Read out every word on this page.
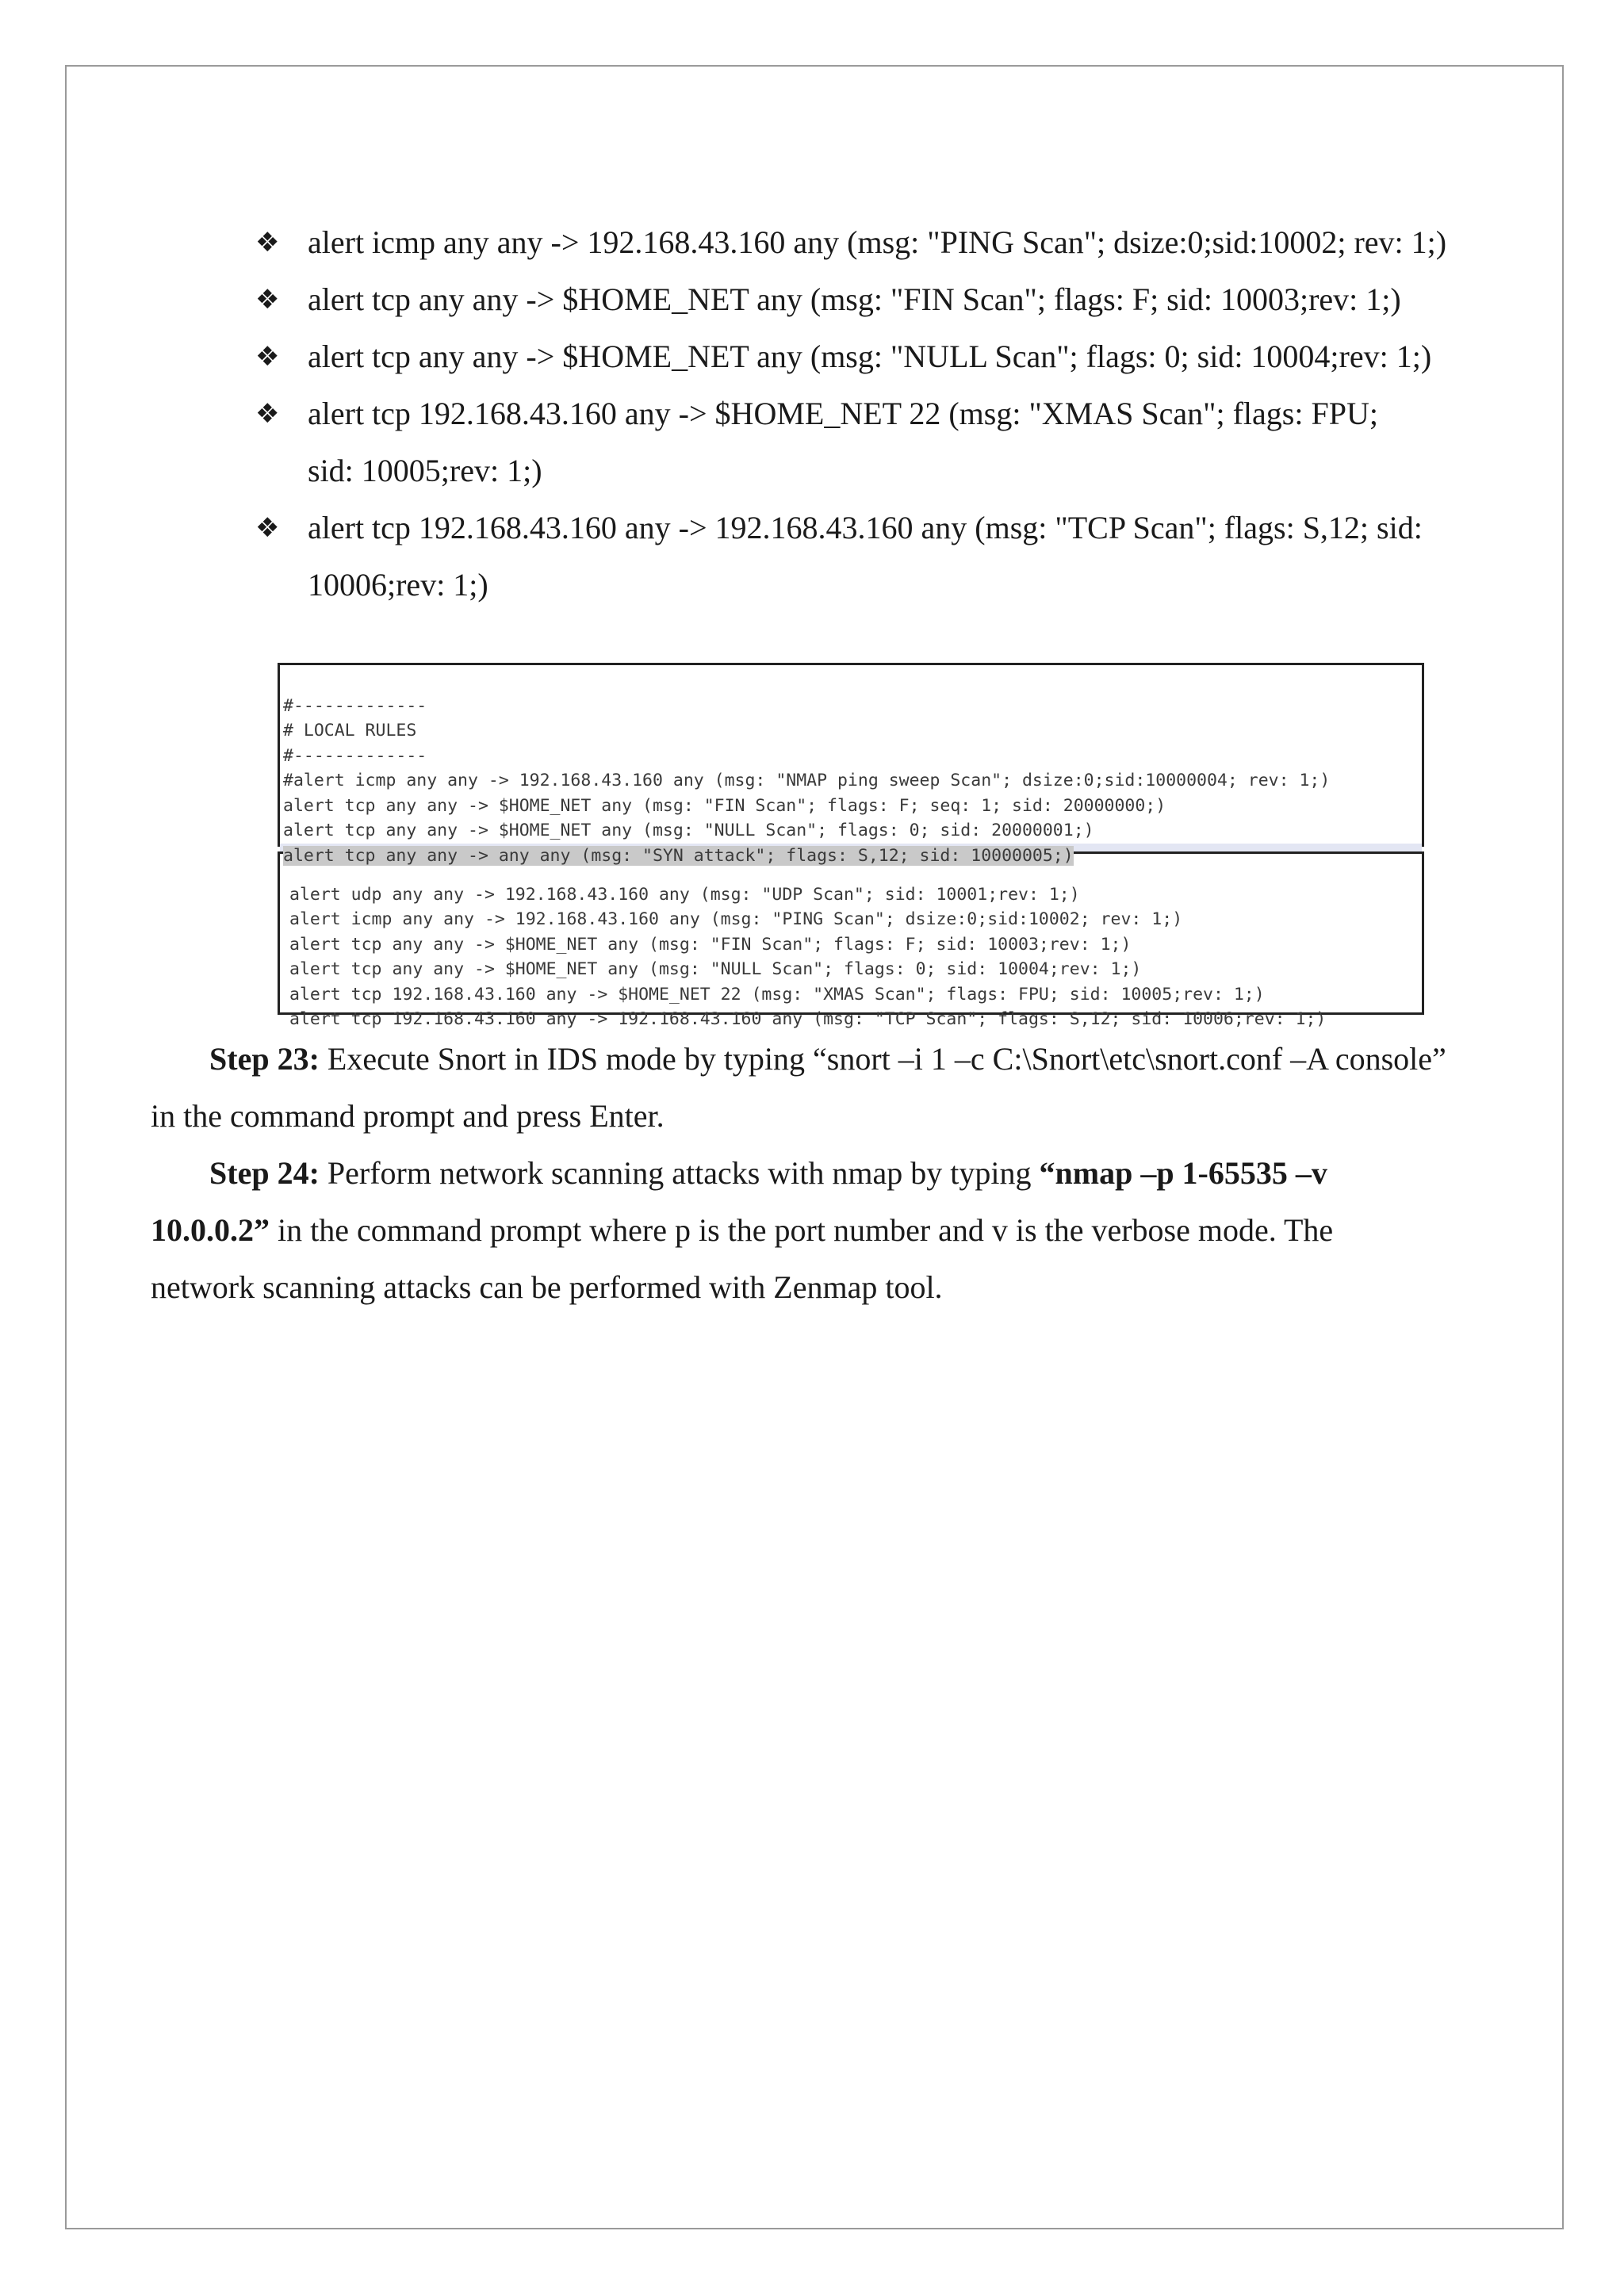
❖ alert icmp any any -> 192.168.43.160 any (msg: "PING Scan"; dsize:0;sid:10002; rev: 1;)
❖ alert tcp any any -> $HOME_NET any (msg: "FIN Scan"; flags: F; sid: 10003;rev: 1;)
❖ alert tcp any any -> $HOME_NET any (msg: "NULL Scan"; flags: 0; sid: 10004;rev: 1;)
❖ alert tcp 192.168.43.160 any -> $HOME_NET 22 (msg: "XMAS Scan"; flags: FPU;
sid: 10005;rev: 1;)
❖ alert tcp 192.168.43.160 any -> 192.168.43.160 any (msg: "TCP Scan"; flags: S,12; sid:
10006;rev: 1;)

#-------------
# LOCAL RULES
#-------------
#alert icmp any any -> 192.168.43.160 any (msg: "NMAP ping sweep Scan"; dsize:0;sid:10000004; rev: 1;)
alert tcp any any -> $HOME_NET any (msg: "FIN Scan"; flags: F; seq: 1; sid: 20000000;)
alert tcp any any -> $HOME_NET any (msg: "NULL Scan"; flags: 0; sid: 20000001;)
alert tcp any any -> any any (msg: "SYN attack"; flags: S,12; sid: 10000005;)

alert udp any any -> 192.168.43.160 any (msg: "UDP Scan"; sid: 10001;rev: 1;)
alert icmp any any -> 192.168.43.160 any (msg: "PING Scan"; dsize:0;sid:10002; rev: 1;)
alert tcp any any -> $HOME_NET any (msg: "FIN Scan"; flags: F; sid: 10003;rev: 1;)
alert tcp any any -> $HOME_NET any (msg: "NULL Scan"; flags: 0; sid: 10004;rev: 1;)
alert tcp 192.168.43.160 any -> $HOME_NET 22 (msg: "XMAS Scan"; flags: FPU; sid: 10005;rev: 1;)
alert tcp 192.168.43.160 any -> 192.168.43.160 any (msg: "TCP Scan"; flags: S,12; sid: 10006;rev: 1;)

Step 23: Execute Snort in IDS mode by typing “snort –i 1 –c C:\Snort\etc\snort.conf –A console”
in the command prompt and press Enter.

Step 24: Perform network scanning attacks with nmap by typing “nmap –p 1-65535 –v
10.0.0.2” in the command prompt where p is the port number and v is the verbose mode. The
network scanning attacks can be performed with Zenmap tool.
